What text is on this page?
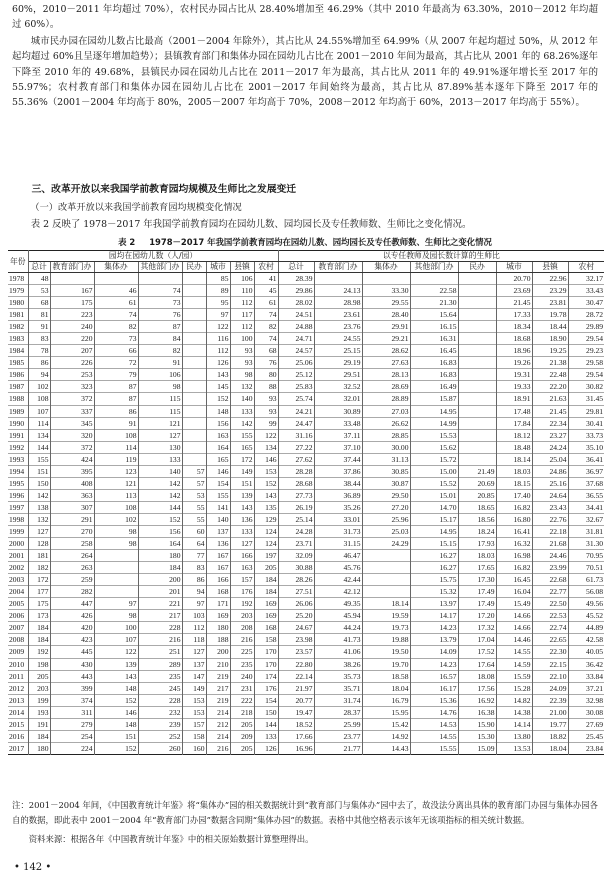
60%，2010－2011 年均超过 70%），农村民办园占比从 28.40%增加至 46.29%（其中 2010 年最高为 63.30%，2010－2012 年均超过 60%）。
城市民办园在园幼儿数占比最高（2001－2004 年除外），其占比从 24.55%增加至 64.99%（从 2007 年起均超过 50%，从 2012 年起均超过 60%且呈逐年增加趋势）；县镇教育部门和集体办园在园幼儿占比在 2001－2010 年间为最高，其占比从 2001 年的 68.26%逐年下降至 2010 年的 49.68%，县镇民办园在园幼儿占比在 2011－2017 年为最高，其占比从 2011 年的 49.91%逐年增长至 2017 年的 55.97%；农村教育部门和集体办园在园幼儿占比在 2001－2017 年间始终为最高，其占比从 87.89%基本逐年下降至 2017 年的 55.36%（2001－2004 年均高于 80%，2005－2007 年均高于 70%，2008－2012 年均高于 60%，2013－2017 年均高于 55%）。
三、改革开放以来我国学前教育园均规模及生师比之发展变迁
（一）改革开放以来我国学前教育园均规模变化情况
表 2 反映了 1978－2017 年我国学前教育园均在园幼儿数、园均园长及专任教师数、生师比之变化情况。
表 2 1978－2017 年我国学前教育园均在园幼儿数、园均园长及专任教师数、生师比之变化情况
年份	园均在园幼儿数（人/园）								以专任教师及园长数计算的生师比							
	总计	教育部门办	集体办	其他部门办	民办	城市	县镇	农村	总计	教育部门办	集体办	其他部门办	民办	城市	县镇	农村
1978	48					85	106	41	28.39					20.70	22.96	32.17
1979	53	167	46	74		89	110	45	29.86	24.13	33.30	22.58		23.69	23.29	33.43
1980	68	175	61	73		95	112	61	28.02	28.98	29.55	21.30		21.45	23.81	30.47
1981	81	223	74	76		97	117	74	24.51	23.61	28.40	15.64		17.33	19.78	28.72
1982	91	240	82	87		122	112	82	24.88	23.76	29.91	16.15		18.34	18.44	29.89
1983	83	220	73	84		116	100	74	24.71	24.55	29.21	16.31		18.68	18.90	29.54
1984	78	207	66	82		112	93	68	24.57	25.15	28.62	16.45		18.96	19.25	29.23
1985	86	226	72	91		126	93	76	25.06	29.19	27.63	16.83		19.26	21.38	29.58
1986	94	253	79	106		143	98	80	25.12	29.51	28.13	16.83		19.31	22.48	29.54
1987	102	323	87	98		145	132	88	25.83	32.52	28.69	16.49		19.33	22.20	30.82
1988	108	372	87	115		152	140	93	25.74	32.01	28.89	15.87		18.91	21.63	31.45
1989	107	337	86	115		148	133	93	24.21	30.89	27.03	14.95		17.48	21.45	29.81
1990	114	345	91	121		156	142	99	24.47	33.48	26.62	14.99		17.84	22.34	30.41
1991	134	320	108	127		163	155	122	31.16	37.11	28.85	15.53		18.12	23.27	33.73
1992	144	372	114	130		164	165	134	27.22	37.10	30.00	15.62		18.48	24.24	35.10
1993	155	424	119	133		165	172	146	27.62	37.44	31.13	15.72		18.14	25.04	36.41
1994	151	395	123	140	57	146	149	153	28.28	37.86	30.85	15.00	21.49	18.03	24.86	36.97
1995	150	408	121	142	57	154	151	152	28.68	38.44	30.87	15.52	20.69	18.15	25.16	37.68
1996	142	363	113	142	53	155	139	143	27.73	36.89	29.50	15.01	20.85	17.40	24.64	36.55
1997	138	307	108	144	55	141	143	135	26.19	35.26	27.20	14.70	18.65	16.82	23.43	34.41
1998	132	291	102	152	55	140	136	129	25.14	33.01	25.96	15.17	18.56	16.80	22.76	32.67
1999	127	270	98	156	60	137	133	124	24.28	31.73	25.03	14.95	18.24	16.41	22.18	31.81
2000	128	258	98	164	64	136	127	124	23.71	31.15	24.29	15.15	17.93	16.32	21.68	31.30
2001	181	264		180	77	167	166	197	32.09	46.47		16.27	18.03	16.98	24.46	70.95
2002	182	263		184	83	167	163	205	30.88	45.76		16.27	17.65	16.82	23.99	70.51
2003	172	259		200	86	166	157	184	28.26	42.44		15.75	17.30	16.45	22.68	61.73
2004	177	282		201	94	168	176	184	27.51	42.12		15.32	17.49	16.04	22.77	56.08
2005	175	447	97	221	97	171	192	169	26.06	49.35	18.14	13.97	17.49	15.49	22.50	49.56
2006	173	426	98	217	103	169	203	169	25.20	45.94	19.59	14.17	17.20	14.66	22.53	45.52
2007	184	420	100	228	112	180	208	168	24.67	44.24	19.73	14.23	17.32	14.66	22.74	44.89
2008	184	423	107	216	118	188	216	158	23.98	41.73	19.88	13.79	17.04	14.46	22.65	42.58
2009	192	445	122	251	127	200	225	170	23.57	41.06	19.50	14.09	17.52	14.55	22.30	40.05
2010	198	430	139	289	137	210	235	170	22.80	38.26	19.70	14.23	17.64	14.59	22.15	36.42
2011	205	443	143	235	147	219	240	174	22.14	35.73	18.58	16.57	18.08	15.59	22.10	33.84
2012	203	399	148	245	149	217	231	176	21.97	35.71	18.04	16.17	17.56	15.28	24.09	37.21
2013	199	374	152	228	153	219	222	154	20.77	31.74	16.79	15.36	16.92	14.82	22.39	32.98
2014	193	311	146	232	153	214	218	150	19.47	28.37	15.95	14.76	16.38	14.38	21.00	30.08
2015	191	279	148	239	157	212	205	144	18.52	25.99	15.42	14.53	15.90	14.14	19.77	27.69
2016	184	254	151	252	158	214	209	133	17.66	23.77	14.92	14.55	15.30	13.80	18.82	25.45
2017	180	224	152	260	160	216	205	126	16.96	21.77	14.43	15.55	15.09	13.53	18.04	23.84
注：2001－2004 年间，《中国教育统计年鉴》将“集体办”园的相关数据统计到“教育部门与集体办”园中去了，故没法分离出具体的教育部门办园与集体办园各自的数据，即此表中 2001－2004 年“教育部门办园”数据含同期“集体办园”的数据。表格中其他空格表示该年无该项指标的相关统计数据。
资料来源：根据各年《中国教育统计年鉴》中的相关原始数据计算整理得出。
• 142 •
